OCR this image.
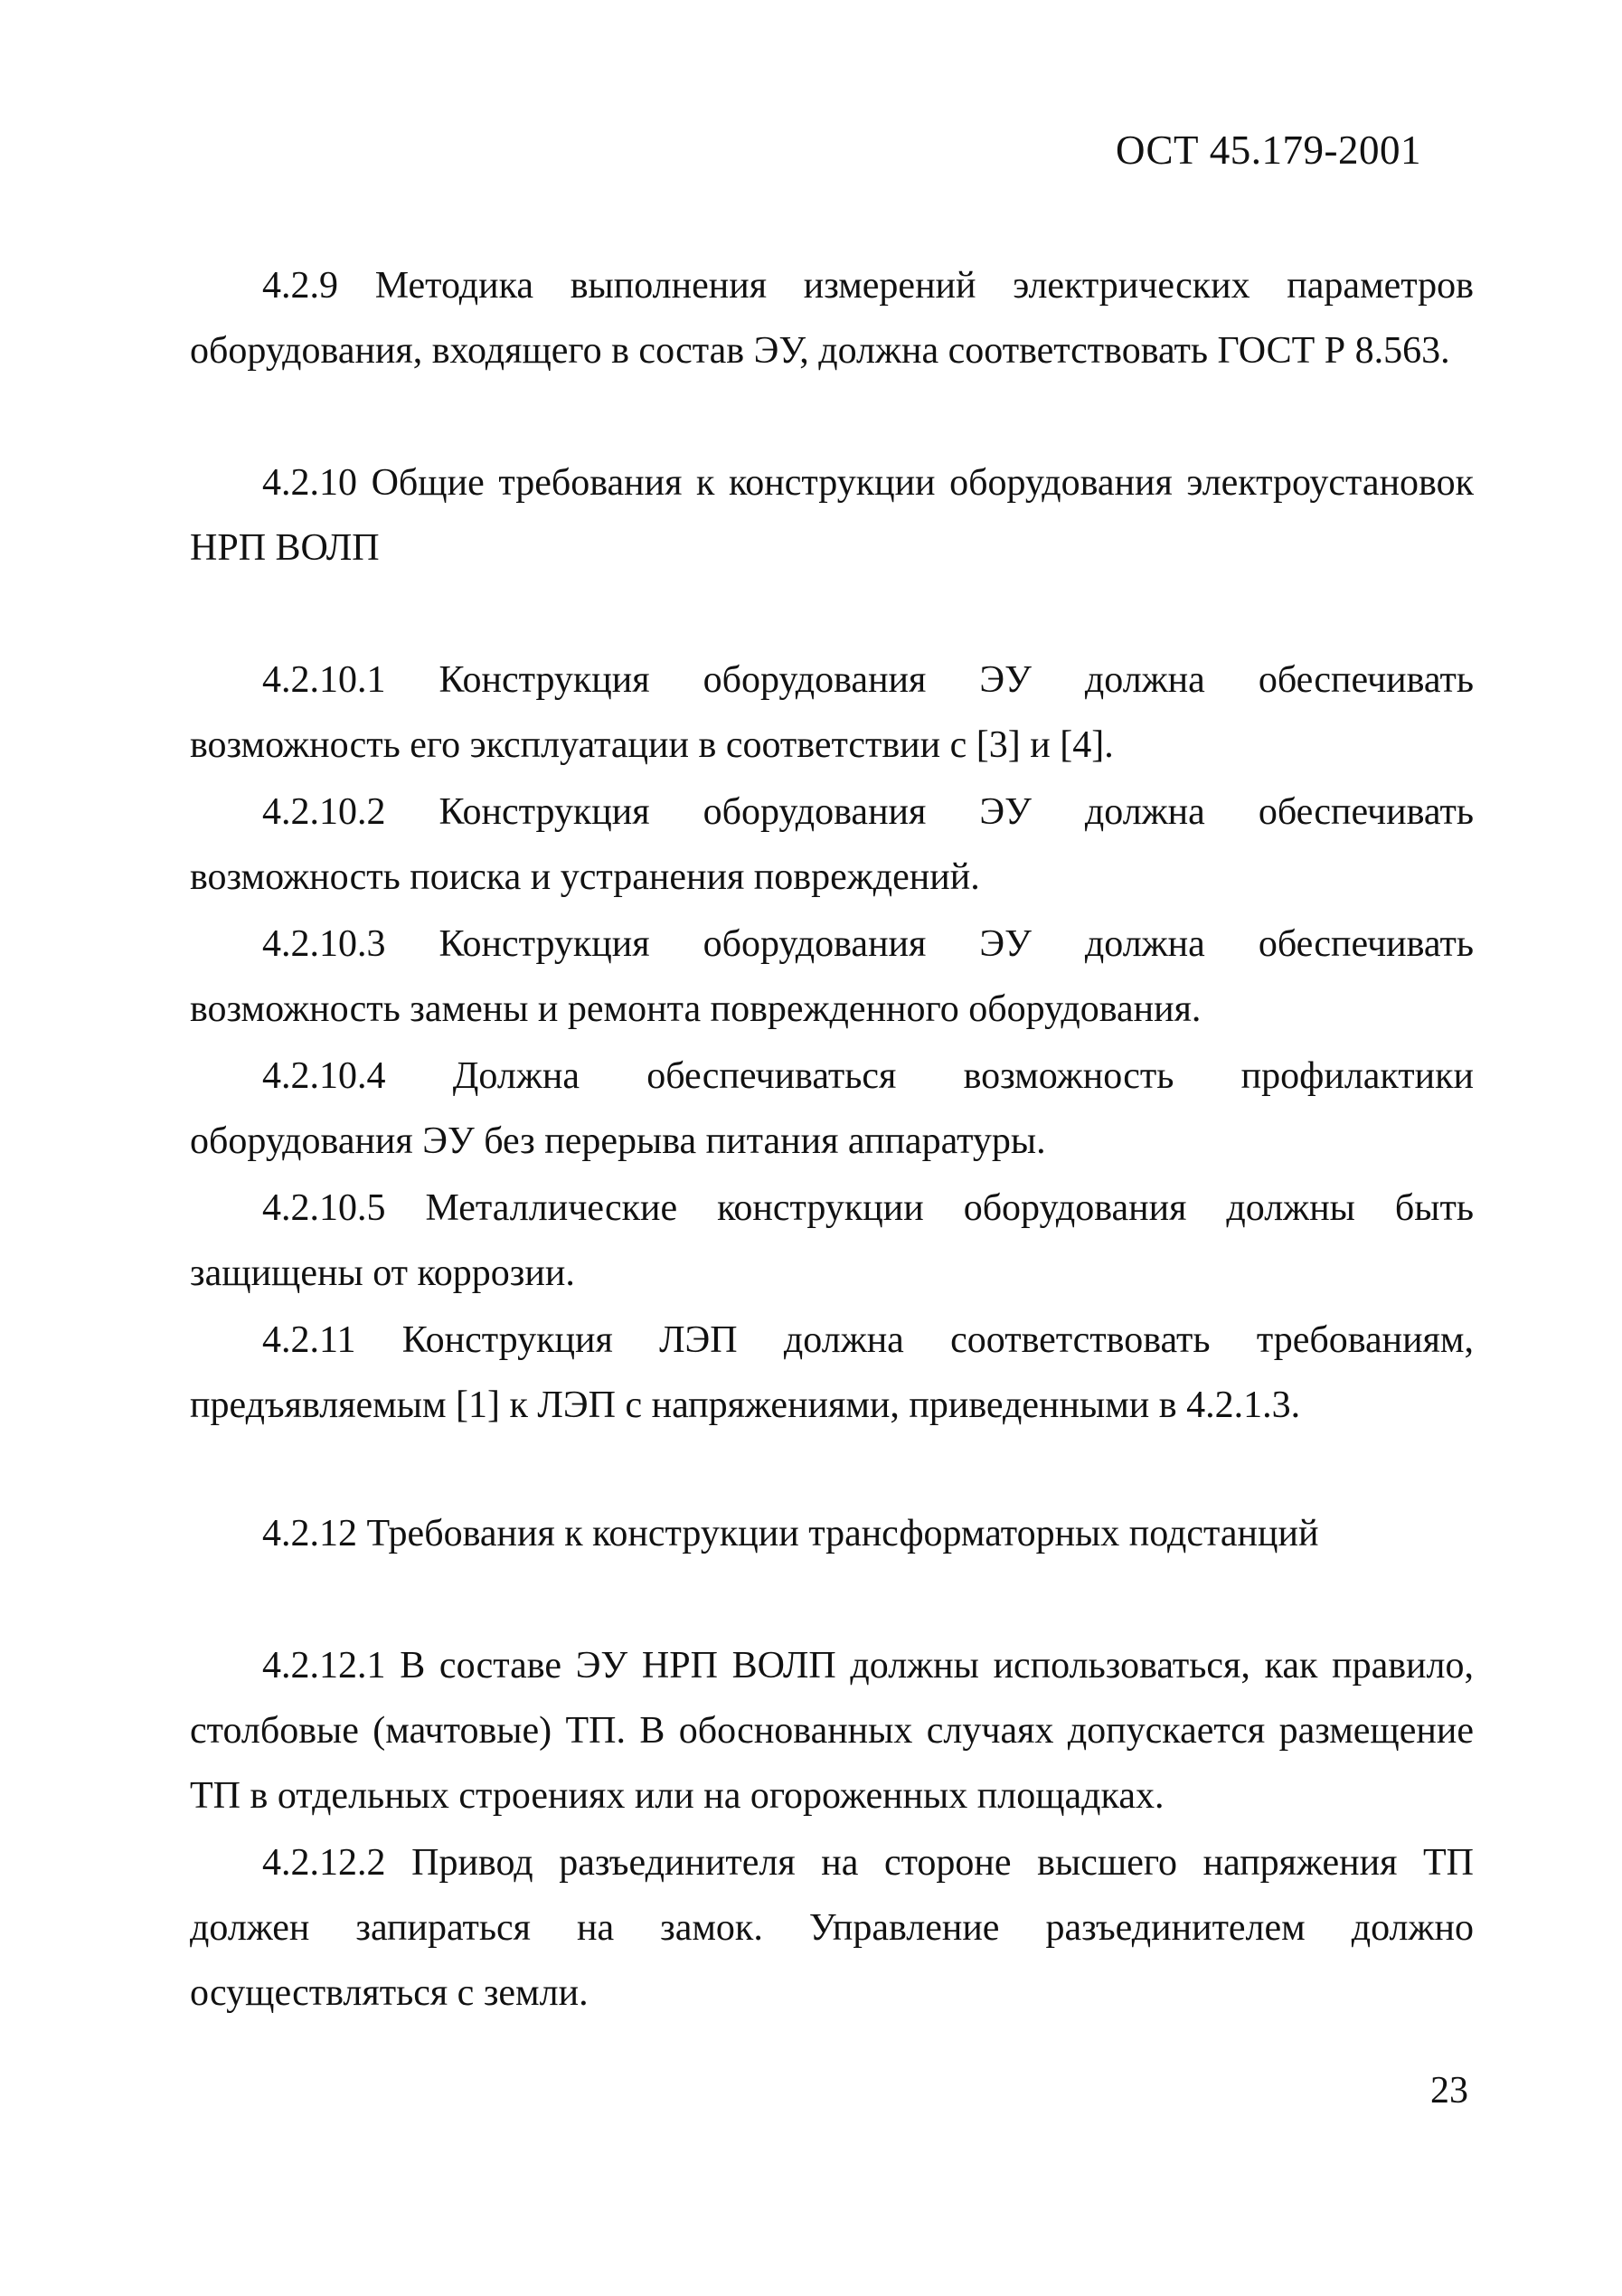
ОСТ 45.179-2001

4.2.9 Методика выполнения измерений электрических параметров оборудования, входящего в состав ЭУ, должна соответствовать ГОСТ Р 8.563.

4.2.10 Общие требования к конструкции оборудования электроустановок НРП ВОЛП

4.2.10.1 Конструкция оборудования ЭУ должна обеспечивать возможность его эксплуатации в соответствии с [3] и [4].

4.2.10.2 Конструкция оборудования ЭУ должна обеспечивать возможность поиска и устранения повреждений.

4.2.10.3 Конструкция оборудования ЭУ должна обеспечивать возможность замены и ремонта поврежденного оборудования.

4.2.10.4 Должна обеспечиваться возможность профилактики оборудования ЭУ без перерыва питания аппаратуры.

4.2.10.5 Металлические конструкции оборудования должны быть защищены от коррозии.

4.2.11 Конструкция ЛЭП должна соответствовать требованиям, предъявляемым [1] к ЛЭП с напряжениями, приведенными в 4.2.1.3.

4.2.12 Требования к конструкции трансформаторных подстанций

4.2.12.1 В составе ЭУ НРП ВОЛП должны использоваться, как правило, столбовые (мачтовые) ТП. В обоснованных случаях допускается размещение ТП в отдельных строениях или на огороженных площадках.

4.2.12.2 Привод разъединителя на стороне высшего напряжения ТП должен запираться на замок. Управление разъединителем должно осуществляться с земли.

23
